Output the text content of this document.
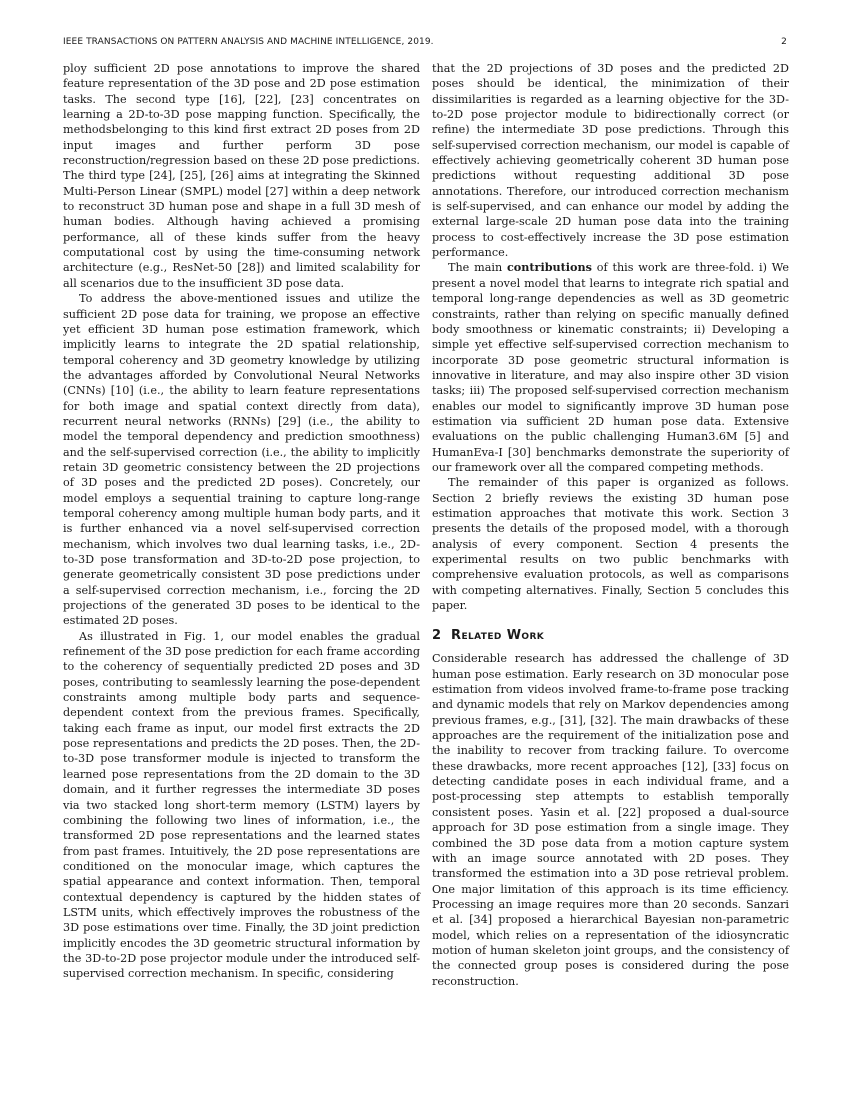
IEEE TRANSACTIONS ON PATTERN ANALYSIS AND MACHINE INTELLIGENCE, 2019.	2

ploy sufficient 2D pose annotations to improve the shared feature representation of the 3D pose and 2D pose estimation tasks. The second type [16], [22], [23] concentrates on learning a 2D-to-3D pose mapping function. Specifically, the methodsbelonging to this kind first extract 2D poses from 2D input images and further perform 3D pose reconstruction/regression based on these 2D pose predictions. The third type [24], [25], [26] aims at integrating the Skinned Multi-Person Linear (SMPL) model [27] within a deep network to reconstruct 3D human pose and shape in a full 3D mesh of human bodies. Although having achieved a promising performance, all of these kinds suffer from the heavy computational cost by using the time-consuming network architecture (e.g., ResNet-50 [28]) and limited scalability for all scenarios due to the insufficient 3D pose data.

To address the above-mentioned issues and utilize the sufficient 2D pose data for training, we propose an effective yet efficient 3D human pose estimation framework, which implicitly learns to integrate the 2D spatial relationship, temporal coherency and 3D geometry knowledge by utilizing the advantages afforded by Convolutional Neural Networks (CNNs) [10] (i.e., the ability to learn feature representations for both image and spatial context directly from data), recurrent neural networks (RNNs) [29] (i.e., the ability to model the temporal dependency and prediction smoothness) and the self-supervised correction (i.e., the ability to implicitly retain 3D geometric consistency between the 2D projections of 3D poses and the predicted 2D poses). Concretely, our model employs a sequential training to capture long-range temporal coherency among multiple human body parts, and it is further enhanced via a novel self-supervised correction mechanism, which involves two dual learning tasks, i.e., 2D-to-3D pose transformation and 3D-to-2D pose projection, to generate geometrically consistent 3D pose predictions under a self-supervised correction mechanism, i.e., forcing the 2D projections of the generated 3D poses to be identical to the estimated 2D poses.

As illustrated in Fig. 1, our model enables the gradual refinement of the 3D pose prediction for each frame according to the coherency of sequentially predicted 2D poses and 3D poses, contributing to seamlessly learning the pose-dependent constraints among multiple body parts and sequence-dependent context from the previous frames. Specifically, taking each frame as input, our model first extracts the 2D pose representations and predicts the 2D poses. Then, the 2D-to-3D pose transformer module is injected to transform the learned pose representations from the 2D domain to the 3D domain, and it further regresses the intermediate 3D poses via two stacked long short-term memory (LSTM) layers by combining the following two lines of information, i.e., the transformed 2D pose representations and the learned states from past frames. Intuitively, the 2D pose representations are conditioned on the monocular image, which captures the spatial appearance and context information. Then, temporal contextual dependency is captured by the hidden states of LSTM units, which effectively improves the robustness of the 3D pose estimations over time. Finally, the 3D joint prediction implicitly encodes the 3D geometric structural information by the 3D-to-2D pose projector module under the introduced self-supervised correction mechanism. In specific, considering

that the 2D projections of 3D poses and the predicted 2D poses should be identical, the minimization of their dissimilarities is regarded as a learning objective for the 3D-to-2D pose projector module to bidirectionally correct (or refine) the intermediate 3D pose predictions. Through this self-supervised correction mechanism, our model is capable of effectively achieving geometrically coherent 3D human pose predictions without requesting additional 3D pose annotations. Therefore, our introduced correction mechanism is self-supervised, and can enhance our model by adding the external large-scale 2D human pose data into the training process to cost-effectively increase the 3D pose estimation performance.

The main contributions of this work are three-fold. i) We present a novel model that learns to integrate rich spatial and temporal long-range dependencies as well as 3D geometric constraints, rather than relying on specific manually defined body smoothness or kinematic constraints; ii) Developing a simple yet effective self-supervised correction mechanism to incorporate 3D pose geometric structural information is innovative in literature, and may also inspire other 3D vision tasks; iii) The proposed self-supervised correction mechanism enables our model to significantly improve 3D human pose estimation via sufficient 2D human pose data. Extensive evaluations on the public challenging Human3.6M [5] and HumanEva-I [30] benchmarks demonstrate the superiority of our framework over all the compared competing methods.

The remainder of this paper is organized as follows. Section 2 briefly reviews the existing 3D human pose estimation approaches that motivate this work. Section 3 presents the details of the proposed model, with a thorough analysis of every component. Section 4 presents the experimental results on two public benchmarks with comprehensive evaluation protocols, as well as comparisons with competing alternatives. Finally, Section 5 concludes this paper.

2 Related Work

Considerable research has addressed the challenge of 3D human pose estimation. Early research on 3D monocular pose estimation from videos involved frame-to-frame pose tracking and dynamic models that rely on Markov dependencies among previous frames, e.g., [31], [32]. The main drawbacks of these approaches are the requirement of the initialization pose and the inability to recover from tracking failure. To overcome these drawbacks, more recent approaches [12], [33] focus on detecting candidate poses in each individual frame, and a post-processing step attempts to establish temporally consistent poses. Yasin et al. [22] proposed a dual-source approach for 3D pose estimation from a single image. They combined the 3D pose data from a motion capture system with an image source annotated with 2D poses. They transformed the estimation into a 3D pose retrieval problem. One major limitation of this approach is its time efficiency. Processing an image requires more than 20 seconds. Sanzari et al. [34] proposed a hierarchical Bayesian non-parametric model, which relies on a representation of the idiosyncratic motion of human skeleton joint groups, and the consistency of the connected group poses is considered during the pose reconstruction.
